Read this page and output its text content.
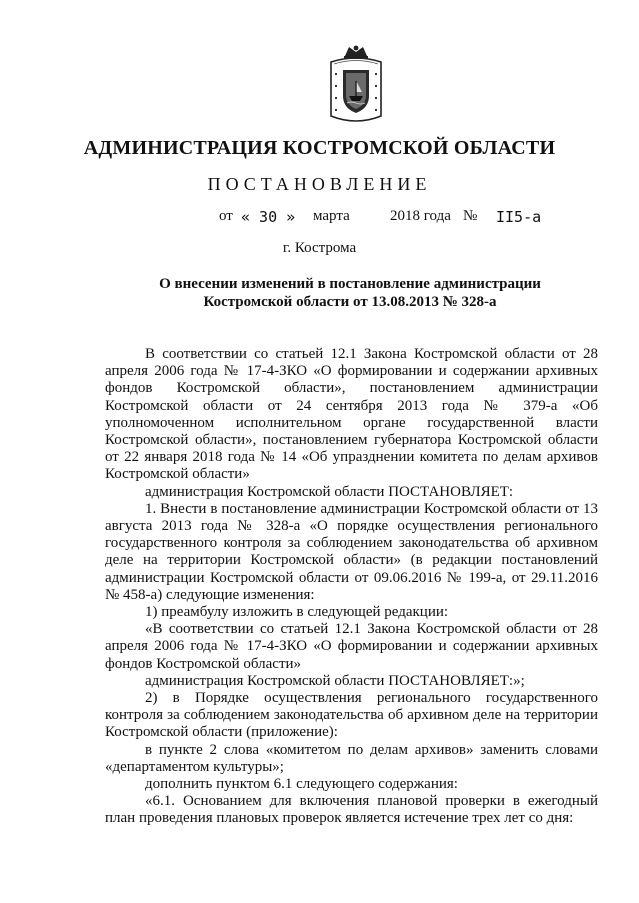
АДМИНИСТРАЦИЯ КОСТРОМСКОЙ ОБЛАСТИ
ПОСТАНОВЛЕНИЕ
от « 30 » марта	2018 года № II5-а
г. Кострома
О внесении изменений в постановление администрации
Костромской области от 13.08.2013 № 328-а

В соответствии со статьей 12.1 Закона Костромской области от 28 апреля 2006 года № 17-4-ЗКО «О формировании и содержании архивных фондов Костромской области», постановлением администрации Костромской области от 24 сентября 2013 года № 379-а «Об уполномоченном исполнительном органе государственной власти Костромской области», постановлением губернатора Костромской области от 22 января 2018 года № 14 «Об упразднении комитета по делам архивов Костромской области»

администрация Костромской области ПОСТАНОВЛЯЕТ:

1. Внести в постановление администрации Костромской области от 13 августа 2013 года № 328-а «О порядке осуществления регионального государственного контроля за соблюдением законодательства об архивном деле на территории Костромской области» (в редакции постановлений администрации Костромской области от 09.06.2016 № 199-а, от 29.11.2016 № 458-а) следующие изменения:

1) преамбулу изложить в следующей редакции:

«В соответствии со статьей 12.1 Закона Костромской области от 28 апреля 2006 года № 17-4-ЗКО «О формировании и содержании архивных фондов Костромской области»

администрация Костромской области ПОСТАНОВЛЯЕТ:»;

2) в Порядке осуществления регионального государственного контроля за соблюдением законодательства об архивном деле на территории Костромской области (приложение):

в пункте 2 слова «комитетом по делам архивов» заменить словами «департаментом культуры»;

дополнить пунктом 6.1 следующего содержания:

«6.1. Основанием для включения плановой проверки в ежегодный план проведения плановых проверок является истечение трех лет со дня:
